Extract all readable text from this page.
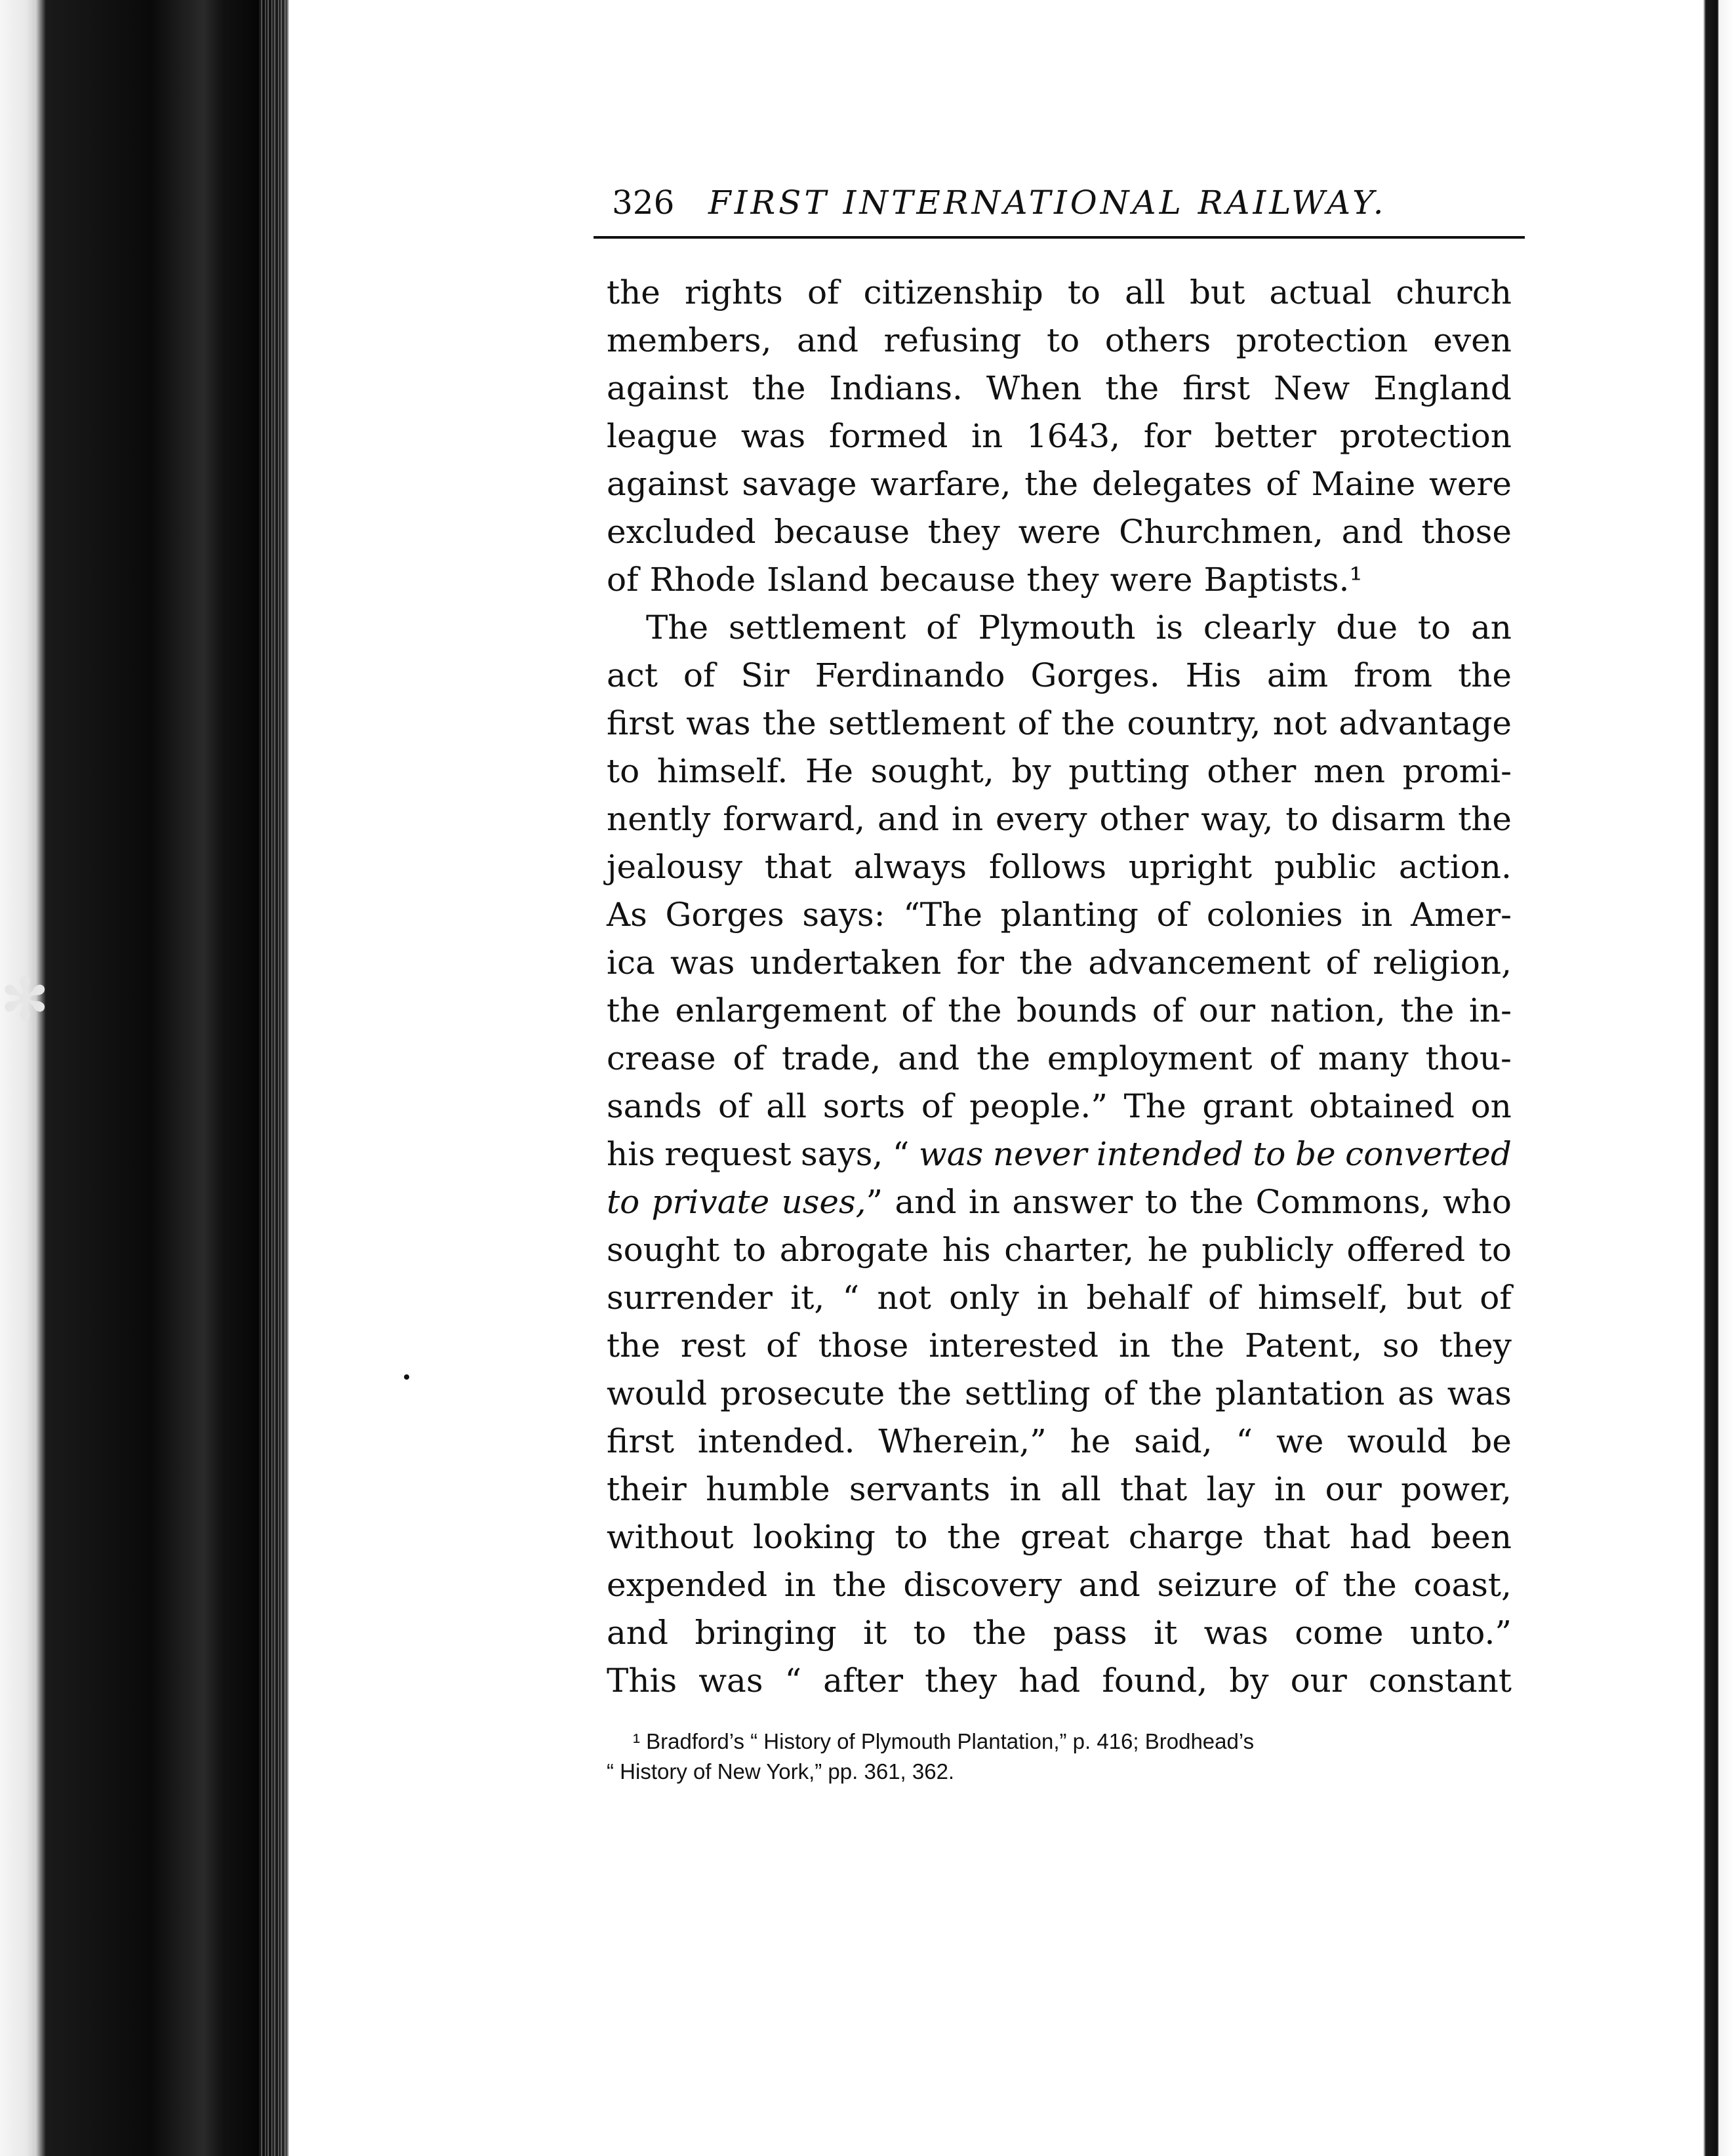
✻
326 FIRST INTERNATIONAL RAILWAY.
the rights of citizenship to all but actual church
members, and refusing to others protection even
against the Indians. When the first New England
league was formed in 1643, for better protection
against savage warfare, the delegates of Maine were
excluded because they were Churchmen, and those
of Rhode Island because they were Baptists.¹
The settlement of Plymouth is clearly due to an
act of Sir Ferdinando Gorges. His aim from the
first was the settlement of the country, not advantage
to himself. He sought, by putting other men promi-
nently forward, and in every other way, to disarm the
jealousy that always follows upright public action.
As Gorges says: “The planting of colonies in Amer-
ica was undertaken for the advancement of religion,
the enlargement of the bounds of our nation, the in-
crease of trade, and the employment of many thou-
sands of all sorts of people.” The grant obtained on
his request says, “ was never intended to be converted
to private uses,” and in answer to the Commons, who
sought to abrogate his charter, he publicly offered to
surrender it, “ not only in behalf of himself, but of
the rest of those interested in the Patent, so they
would prosecute the settling of the plantation as was
first intended. Wherein,” he said, “ we would be
their humble servants in all that lay in our power,
without looking to the great charge that had been
expended in the discovery and seizure of the coast,
and bringing it to the pass it was come unto.”
This was “ after they had found, by our constant
¹ Bradford’s “ History of Plymouth Plantation,” p. 416; Brodhead’s
“ History of New York,” pp. 361, 362.
